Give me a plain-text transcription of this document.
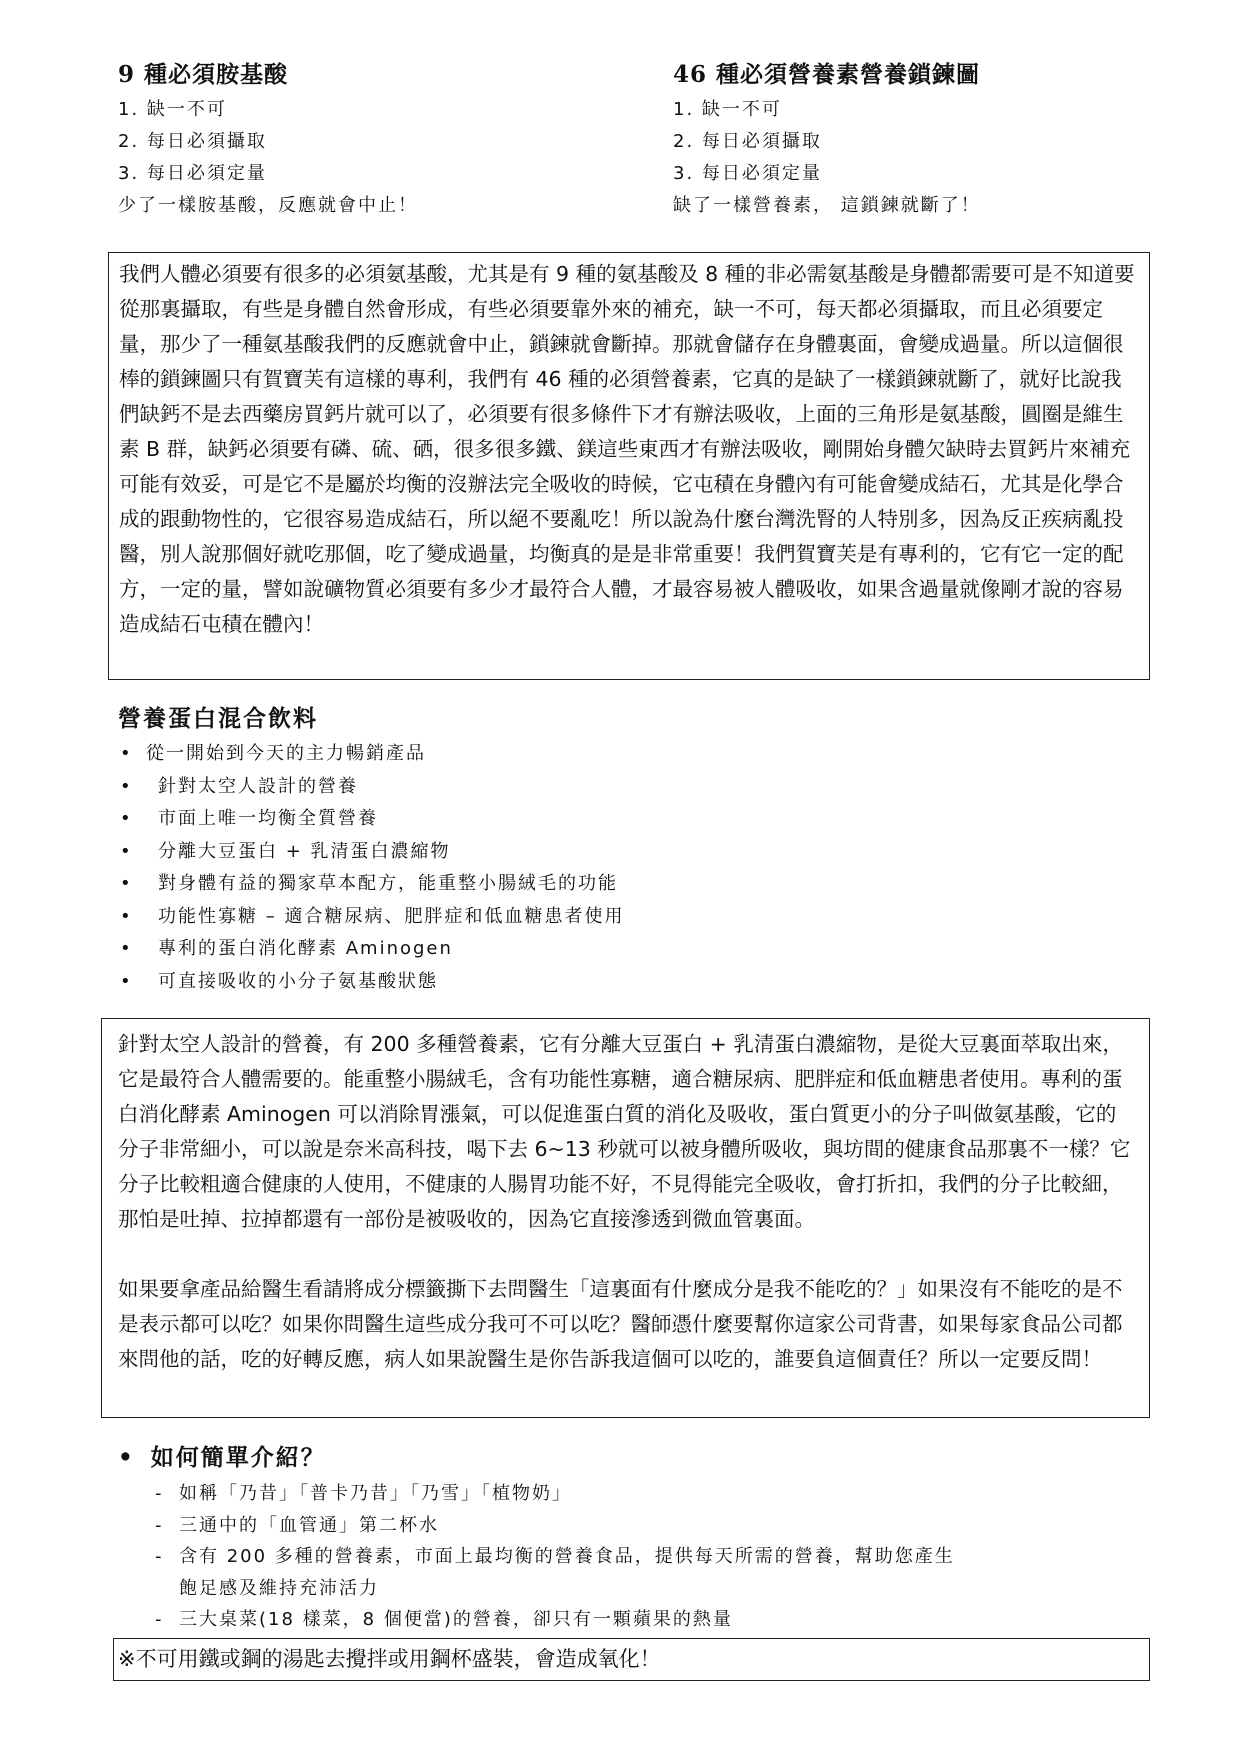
9 種必須胺基酸
1. 缺一不可
2. 每日必須攝取
3. 每日必須定量
少了一樣胺基酸，反應就會中止！
46 種必須營養素營養鎖鍊圖
1. 缺一不可
2. 每日必須攝取
3. 每日必須定量
缺了一樣營養素， 這鎖鍊就斷了！
我們人體必須要有很多的必須氨基酸，尤其是有 9 種的氨基酸及 8 種的非必需氨基酸是身體都需要可是不知道要從那裏攝取，有些是身體自然會形成，有些必須要靠外來的補充，缺一不可，每天都必須攝取，而且必須要定量，那少了一種氨基酸我們的反應就會中止，鎖鍊就會斷掉。那就會儲存在身體裏面，會變成過量。所以這個很棒的鎖鍊圖只有賀寶芙有這樣的專利，我們有 46 種的必須營養素，它真的是缺了一樣鎖鍊就斷了，就好比說我們缺鈣不是去西藥房買鈣片就可以了，必須要有很多條件下才有辦法吸收，上面的三角形是氨基酸，圓圈是維生素 B 群，缺鈣必須要有磷、硫、硒，很多很多鐵、鎂這些東西才有辦法吸收，剛開始身體欠缺時去買鈣片來補充可能有效妥，可是它不是屬於均衡的沒辦法完全吸收的時候，它屯積在身體內有可能會變成結石，尤其是化學合成的跟動物性的，它很容易造成結石，所以絕不要亂吃！所以說為什麼台灣洗腎的人特別多，因為反正疾病亂投醫，別人說那個好就吃那個，吃了變成過量，均衡真的是是非常重要！我們賀寶芙是有專利的，它有它一定的配方，一定的量，譬如說礦物質必須要有多少才最符合人體，才最容易被人體吸收，如果含過量就像剛才說的容易造成結石屯積在體內！
營養蛋白混合飲料
• 從一開始到今天的主力暢銷產品
• 針對太空人設計的營養
• 市面上唯一均衡全質營養
• 分離大豆蛋白 + 乳清蛋白濃縮物
• 對身體有益的獨家草本配方，能重整小腸絨毛的功能
• 功能性寡糖 – 適合糖尿病、肥胖症和低血糖患者使用
• 專利的蛋白消化酵素 Aminogen
• 可直接吸收的小分子氨基酸狀態

針對太空人設計的營養，有 200 多種營養素，它有分離大豆蛋白 + 乳清蛋白濃縮物，是從大豆裏面萃取出來，它是最符合人體需要的。能重整小腸絨毛，含有功能性寡糖，適合糖尿病、肥胖症和低血糖患者使用。專利的蛋白消化酵素 Aminogen 可以消除胃漲氣，可以促進蛋白質的消化及吸收，蛋白質更小的分子叫做氨基酸，它的分子非常細小，可以說是奈米高科技，喝下去 6~13 秒就可以被身體所吸收，與坊間的健康食品那裏不一樣？它分子比較粗適合健康的人使用，不健康的人腸胃功能不好，不見得能完全吸收，會打折扣，我們的分子比較細，那怕是吐掉、拉掉都還有一部份是被吸收的，因為它直接滲透到微血管裏面。

如果要拿產品給醫生看請將成分標籤撕下去問醫生「這裏面有什麼成分是我不能吃的？」如果沒有不能吃的是不是表示都可以吃？如果你問醫生這些成分我可不可以吃？醫師憑什麼要幫你這家公司背書，如果每家食品公司都來問他的話，吃的好轉反應，病人如果說醫生是你告訴我這個可以吃的，誰要負這個責任？所以一定要反問！

• 如何簡單介紹？
- 如稱「乃昔」「普卡乃昔」「乃雪」「植物奶」
- 三通中的「血管通」第二杯水
- 含有 200 多種的營養素，市面上最均衡的營養食品，提供每天所需的營養，幫助您產生
飽足感及維持充沛活力
- 三大桌菜(18 樣菜，8 個便當)的營養，卻只有一顆蘋果的熱量
※不可用鐵或鋼的湯匙去攪拌或用鋼杯盛裝，會造成氧化！
